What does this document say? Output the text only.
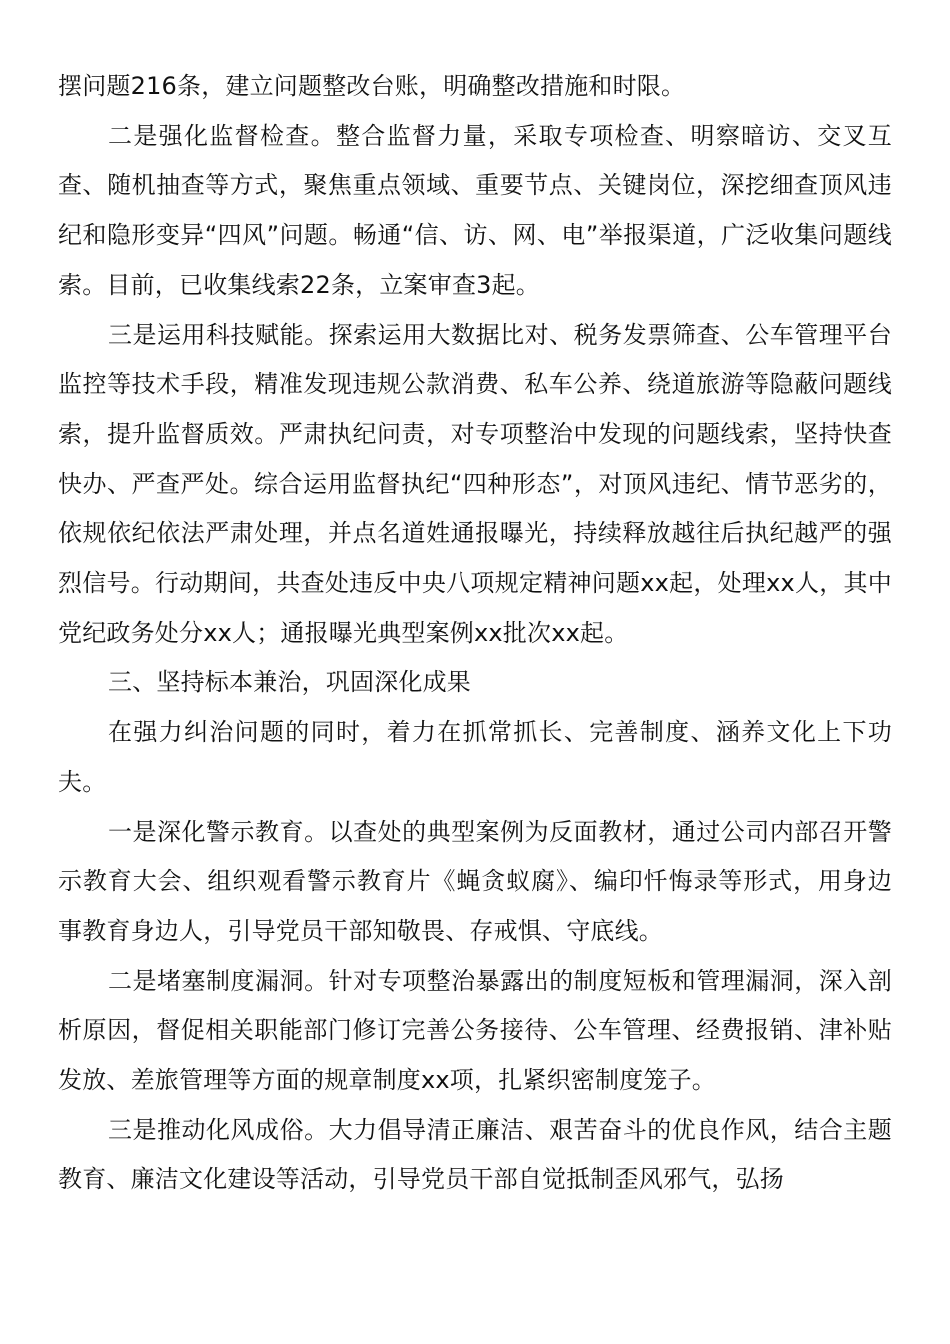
摆问题216条，建立问题整改台账，明确整改措施和时限。

二是强化监督检查。整合监督力量，采取专项检查、明察暗访、交叉互查、随机抽查等方式，聚焦重点领域、重要节点、关键岗位，深挖细查顶风违纪和隐形变异“四风”问题。畅通“信、访、网、电”举报渠道，广泛收集问题线索。目前，已收集线索22条，立案审查3起。

三是运用科技赋能。探索运用大数据比对、税务发票筛查、公车管理平台监控等技术手段，精准发现违规公款消费、私车公养、绕道旅游等隐蔽问题线索，提升监督质效。严肃执纪问责，对专项整治中发现的问题线索，坚持快查快办、严查严处。综合运用监督执纪“四种形态”，对顶风违纪、情节恶劣的，依规依纪依法严肃处理，并点名道姓通报曝光，持续释放越往后执纪越严的强烈信号。行动期间，共查处违反中央八项规定精神问题xx起，处理xx人，其中党纪政务处分xx人；通报曝光典型案例xx批次xx起。

三、坚持标本兼治，巩固深化成果

在强力纠治问题的同时，着力在抓常抓长、完善制度、涵养文化上下功夫。

一是深化警示教育。以查处的典型案例为反面教材，通过公司内部召开警示教育大会、组织观看警示教育片《蝇贪蚁腐》、编印忏悔录等形式，用身边事教育身边人，引导党员干部知敬畏、存戒惧、守底线。

二是堵塞制度漏洞。针对专项整治暴露出的制度短板和管理漏洞，深入剖析原因，督促相关职能部门修订完善公务接待、公车管理、经费报销、津补贴发放、差旅管理等方面的规章制度xx项，扎紧织密制度笼子。

三是推动化风成俗。大力倡导清正廉洁、艰苦奋斗的优良作风，结合主题教育、廉洁文化建设等活动，引导党员干部自觉抵制歪风邪气，弘扬
